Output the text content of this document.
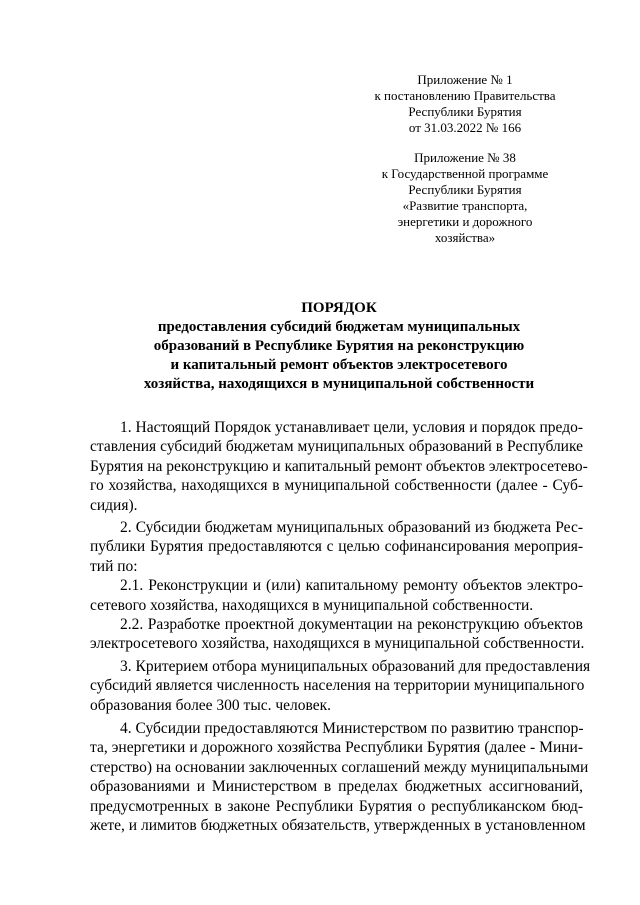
Приложение № 1
к постановлению Правительства
Республики Бурятия
от 31.03.2022 № 166
Приложение № 38
к Государственной программе
Республики Бурятия
«Развитие транспорта,
энергетики и дорожного
хозяйства»
ПОРЯДОК
предоставления субсидий бюджетам муниципальных
образований в Республике Бурятия на реконструкцию
и капитальный ремонт объектов электросетевого
хозяйства, находящихся в муниципальной собственности
1. Настоящий Порядок устанавливает цели, условия и порядок предо-
ставления субсидий бюджетам муниципальных образований в Республике
Бурятия на реконструкцию и капитальный ремонт объектов электросетево-
го хозяйства, находящихся в муниципальной собственности (далее - Суб-
сидия).
2. Субсидии бюджетам муниципальных образований из бюджета Рес-
публики Бурятия предоставляются с целью софинансирования мероприя-
тий по:
2.1. Реконструкции и (или) капитальному ремонту объектов электро-
сетевого хозяйства, находящихся в муниципальной собственности.
2.2. Разработке проектной документации на реконструкцию объектов
электросетевого хозяйства, находящихся в муниципальной собственности.
3. Критерием отбора муниципальных образований для предоставления
субсидий является численность населения на территории муниципального
образования более 300 тыс. человек.
4. Субсидии предоставляются Министерством по развитию транспор-
та, энергетики и дорожного хозяйства Республики Бурятия (далее - Мини-
стерство) на основании заключенных соглашений между муниципальными
образованиями и Министерством в пределах бюджетных ассигнований,
предусмотренных в законе Республики Бурятия о республиканском бюд-
жете, и лимитов бюджетных обязательств, утвержденных в установленном
